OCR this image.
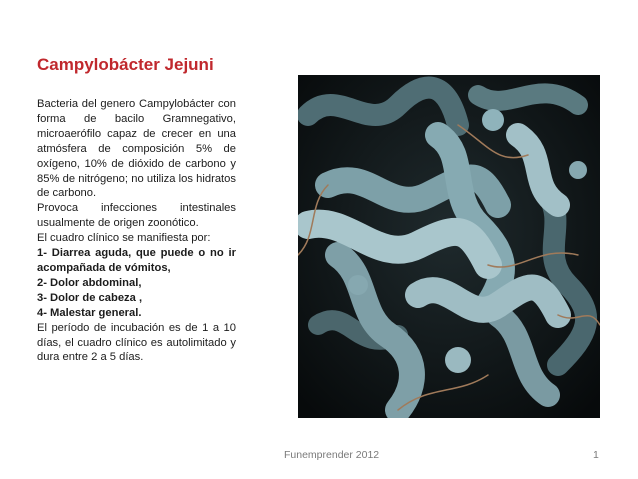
Campylobácter Jejuni

Bacteria del genero Campylobácter con forma de bacilo Gramnegativo, microaerófilo capaz de crecer en una atmósfera de composición 5% de oxígeno, 10% de dióxido de carbono y 85% de nitrógeno; no utiliza los hidratos de carbono.

Provoca infecciones intestinales usualmente de origen zoonótico.

El cuadro clínico se manifiesta por:

1- Diarrea aguda, que puede o no ir acompañada de vómitos,

2- Dolor abdominal,

3- Dolor de cabeza ,

4- Malestar general.

El período de incubación es de 1 a 10 días, el cuadro clínico es autolimitado y dura entre 2 a 5 días.

Funemprender 2012	1
